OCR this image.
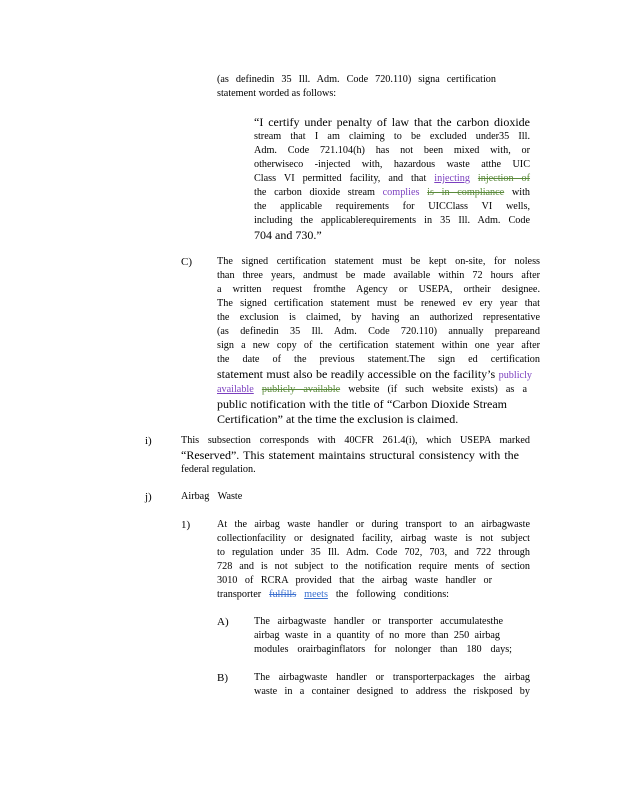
(as definedin 35 Ill. Adm. Code 720.110) signa certification
statement worded as follows:
“I certify under penalty of law that the carbon dioxide
stream that I am claiming to be excluded under35 Ill.
Adm. Code 721.104(h) has not been mixed with, or
otherwiseco -injected with, hazardous waste atthe UIC
Class VI permitted facility, and that injecting injection of
the carbon dioxide stream complies is in compliance with
the applicable requirements for UICClass VI wells,
including the applicablerequirements in 35 Ill. Adm. Code
704 and 730.”
C) The signed certification statement must be kept on-site, for noless
than three years, andmust be made available within 72 hours after
a written request fromthe Agency or USEPA, ortheir designee.
The signed certification statement must be renewed ev ery year that
the exclusion is claimed, by having an authorized representative
(as definedin 35 Ill. Adm. Code 720.110) annually prepareand
sign a new copy of the certification statement within one year after
the date of the previous statement.The sign ed certification
statement must also be readily accessible on the facility’s publicly
available publicly available website (if such website exists) as a
public notification with the title of “Carbon Dioxide Stream
Certification” at the time the exclusion is claimed.
i)	This subsection corresponds with 40CFR 261.4(i), which USEPA marked
“Reserved”. This statement maintains structural consistency with the
federal regulation.
j)	Airbag Waste
1)	At the airbag waste handler or during transport to an airbagwaste
collectionfacility or designated facility, airbag waste is not subject
to regulation under 35 Ill. Adm. Code 702, 703, and 722 through
728 and is not subject to the notification require ments of section
3010 of RCRA provided that the airbag waste handler or
transporter fulfills meets the following conditions:
A) The airbagwaste handler or transporter accumulatesthe
airbag waste in a quantity of no more than 250 airbag
modules orairbaginflators for nolonger than 180 days;
B)	The airbagwaste handler or transporterpackages the airbag
waste in a container designed to address the riskposed by
